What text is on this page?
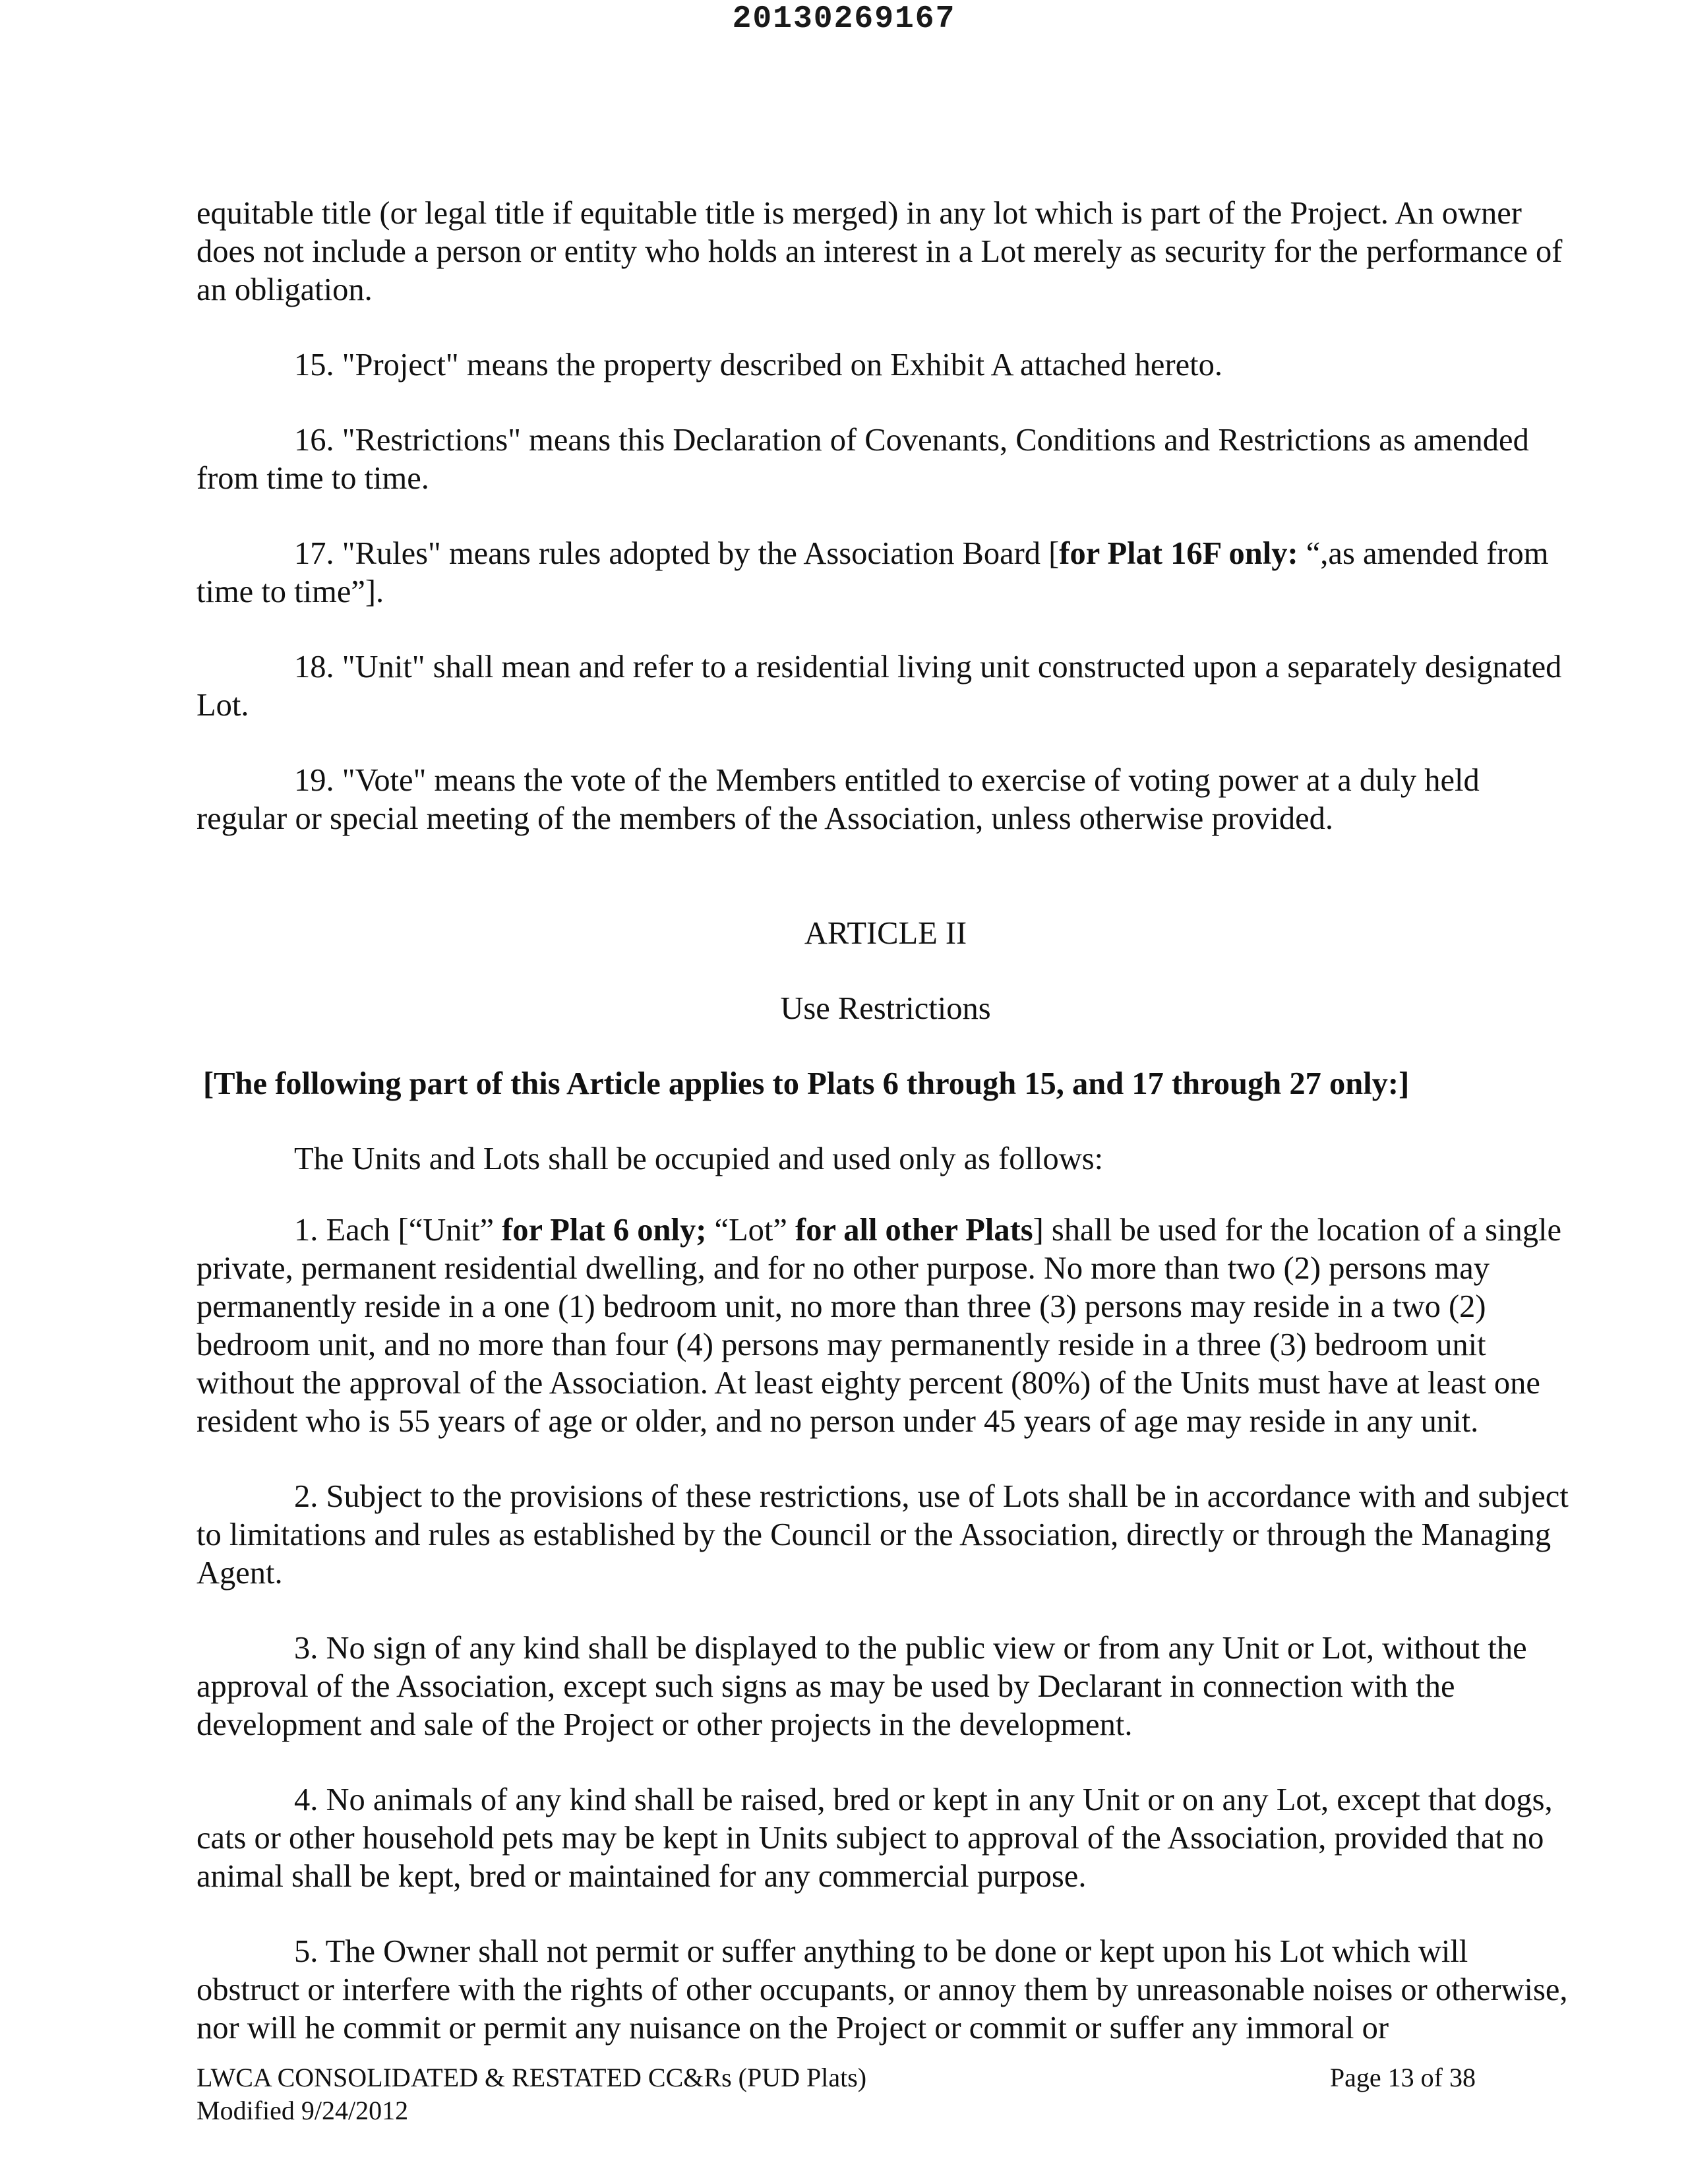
20130269167

equitable title (or legal title if equitable title is merged) in any lot which is part of the Project. An owner does not include a person or entity who holds an interest in a Lot merely as security for the performance of an obligation.

15. "Project" means the property described on Exhibit A attached hereto.

16. "Restrictions" means this Declaration of Covenants, Conditions and Restrictions as amended from time to time.

17. "Rules" means rules adopted by the Association Board [for Plat 16F only: “,as amended from time to time”].

18. "Unit" shall mean and refer to a residential living unit constructed upon a separately designated Lot.

19. "Vote" means the vote of the Members entitled to exercise of voting power at a duly held regular or special meeting of the members of the Association, unless otherwise provided.

ARTICLE II

Use Restrictions

[The following part of this Article applies to Plats 6 through 15, and 17 through 27 only:]

The Units and Lots shall be occupied and used only as follows:

1. Each [“Unit” for Plat 6 only; “Lot” for all other Plats] shall be used for the location of a single private, permanent residential dwelling, and for no other purpose. No more than two (2) persons may permanently reside in a one (1) bedroom unit, no more than three (3) persons may reside in a two (2) bedroom unit, and no more than four (4) persons may permanently reside in a three (3) bedroom unit without the approval of the Association. At least eighty percent (80%) of the Units must have at least one resident who is 55 years of age or older, and no person under 45 years of age may reside in any unit.

2. Subject to the provisions of these restrictions, use of Lots shall be in accordance with and subject to limitations and rules as established by the Council or the Association, directly or through the Managing Agent.

3. No sign of any kind shall be displayed to the public view or from any Unit or Lot, without the approval of the Association, except such signs as may be used by Declarant in connection with the development and sale of the Project or other projects in the development.

4. No animals of any kind shall be raised, bred or kept in any Unit or on any Lot, except that dogs, cats or other household pets may be kept in Units subject to approval of the Association, provided that no animal shall be kept, bred or maintained for any commercial purpose.

5. The Owner shall not permit or suffer anything to be done or kept upon his Lot which will obstruct or interfere with the rights of other occupants, or annoy them by unreasonable noises or otherwise, nor will he commit or permit any nuisance on the Project or commit or suffer any immoral or

LWCA CONSOLIDATED & RESTATED CC&Rs (PUD Plats)
Modified 9/24/2012
Page 13 of 38
